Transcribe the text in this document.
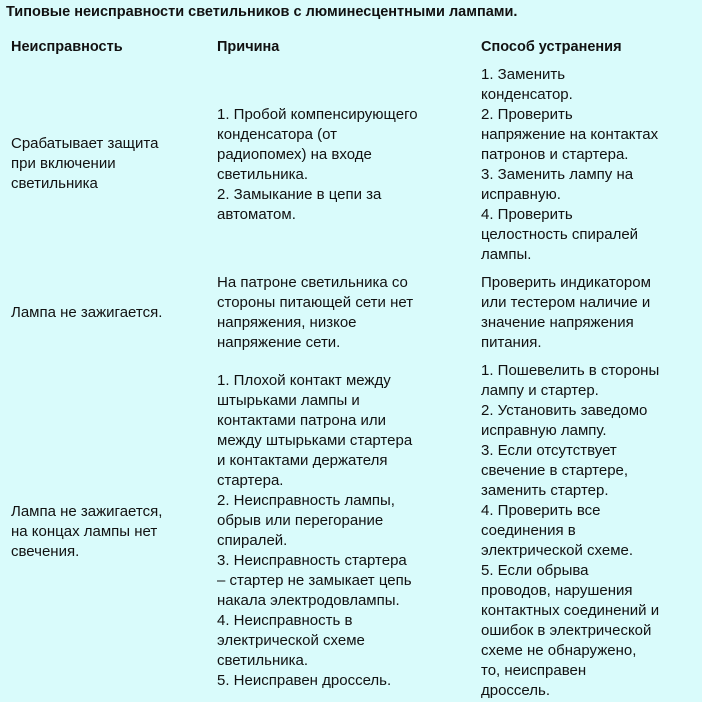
Типовые неисправности светильников с люминесцентными лампами.
Неисправность	Причина	Способ устранения
Срабатывает защита
при включении
светильника
1. Пробой компенсирующего
конденсатора (от
радиопомех) на входе
светильника.
2. Замыкание в цепи за
автоматом.
1. Заменить
конденсатор.
2. Проверить
напряжение на контактах
патронов и стартера.
3. Заменить лампу на
исправную.
4. Проверить
целостность спиралей
лампы.
Лампа не зажигается.
На патроне светильника со
стороны питающей сети нет
напряжения, низкое
напряжение сети.
Проверить индикатором
или тестером наличие и
значение напряжения
питания.
Лампа не зажигается,
на концах лампы нет
свечения.
1. Плохой контакт между
штырьками лампы и
контактами патрона или
между штырьками стартера
и контактами держателя
стартера.
2. Неисправность лампы,
обрыв или перегорание
спиралей.
3. Неисправность стартера
– стартер не замыкает цепь
накала электродовлампы.
4. Неисправность в
электрической схеме
светильника.
5. Неисправен дроссель.
1. Пошевелить в стороны
лампу и стартер.
2. Установить заведомо
исправную лампу.
3. Если отсутствует
свечение в стартере,
заменить стартер.
4. Проверить все
соединения в
электрической схеме.
5. Если обрыва
проводов, нарушения
контактных соединений и
ошибок в электрической
схеме не обнаружено,
то, неисправен
дроссель.
